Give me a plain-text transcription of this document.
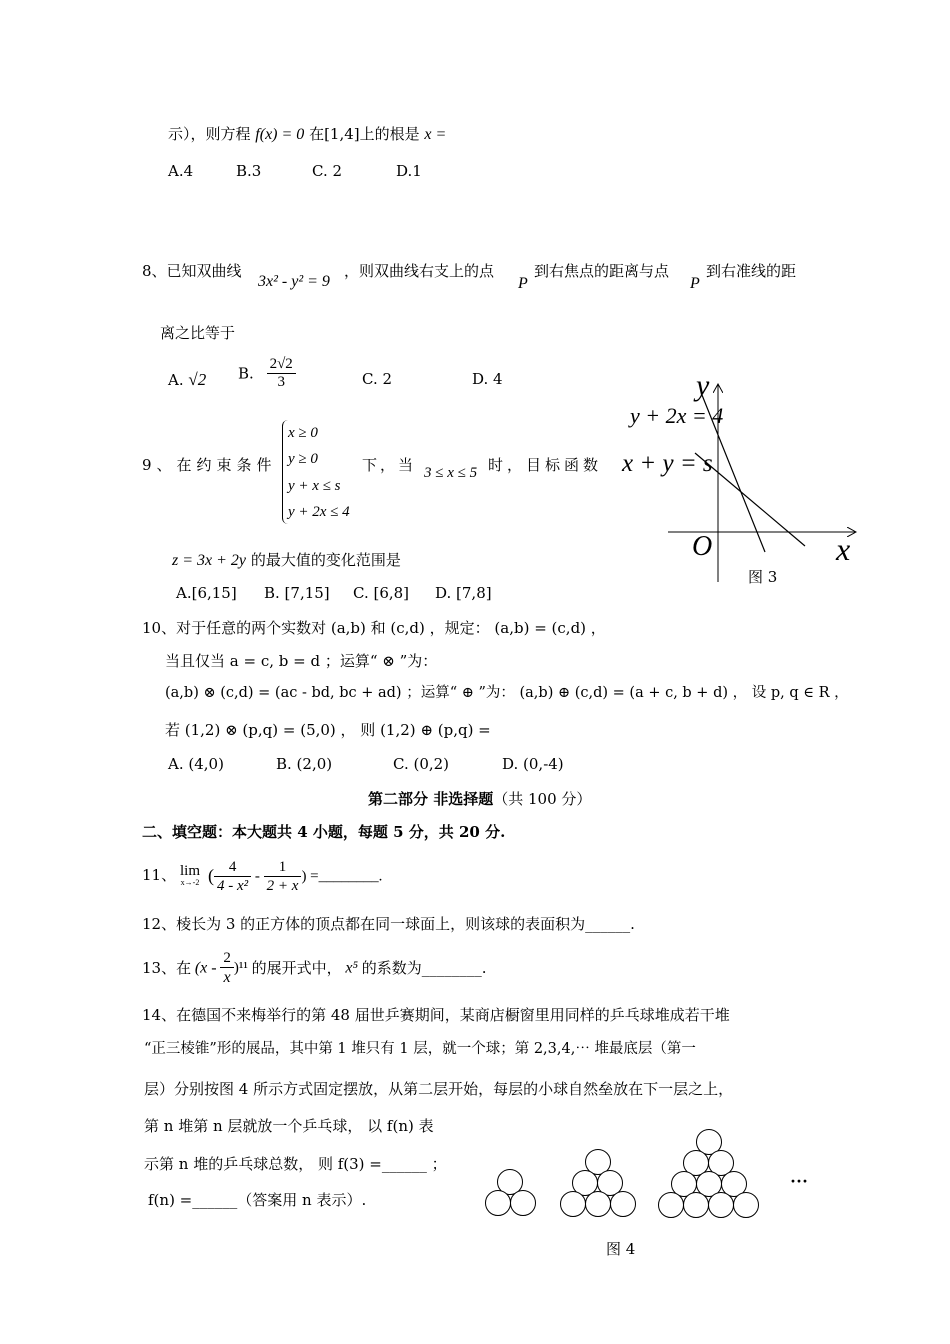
示），则方程 f(x) = 0 在[1,4]上的根是 x =
A.4	B.3	C. 2	D.1
8、已知双曲线
3x² - y² = 9
，则双曲线右支上的点
P
到右焦点的距离与点
P
到右准线的距
离之比等于
A. √2 B. $\frac{2√2}{3}$	C. 2	D. 4
9、在约束条件
x ≥ 0
y ≥ 0
y + x ≤ s
y + 2x ≤ 4
下，当 3 ≤ x ≤ 5 时，目标函数
z = 3x + 2y 的最大值的变化范围是
A.[6,15] B. [7,15] C. [6,8] D. [7,8]
y
x
O
y + 2x = 4
x + y = s
图 3
10、对于任意的两个实数对 (a,b) 和 (c,d) ，规定： (a,b) = (c,d) ，
当且仅当 a = c, b = d ；运算“ ⊗ ”为：
(a,b) ⊗ (c,d) = (ac - bd, bc + ad) ；运算“ ⊕ ”为： (a,b) ⊕ (c,d) = (a + c, b + d) ， 设 p, q ∈ R ，
若 (1,2) ⊗ (p,q) = (5,0) ， 则 (1,2) ⊕ (p,q) =
A. (4,0)	B. (2,0)	C. (0,2)	D. (0,-4)
第二部分 非选择题（共 100 分）
二、填空题：本大题共 4 小题，每题 5 分，共 20 分.
11、 lim
x→-2 ( $\frac{4}{\text{4 - x²}} - \frac{1}{2 + x}$ ) =________.
12、棱长为 3 的正方体的顶点都在同一球面上，则该球的表面积为______.
13、在 $(x - \frac{2}{x} )^{11}$ 的展开式中， x⁵ 的系数为________.
14、在德国不来梅举行的第 48 届世乒赛期间，某商店橱窗里用同样的乒乓球堆成若干堆
“正三棱锥”形的展品，其中第 1 堆只有 1 层，就一个球；第 2,3,4,⋯ 堆最底层（第一
层）分别按图 4 所示方式固定摆放，从第二层开始，每层的小球自然垒放在下一层之上，
第 n 堆第 n 层就放一个乒乓球， 以 f(n) 表
示第 n 堆的乒乓球总数， 则 f(3) =______ ；
f(n) =______（答案用 n 表示）.
···
图 4
